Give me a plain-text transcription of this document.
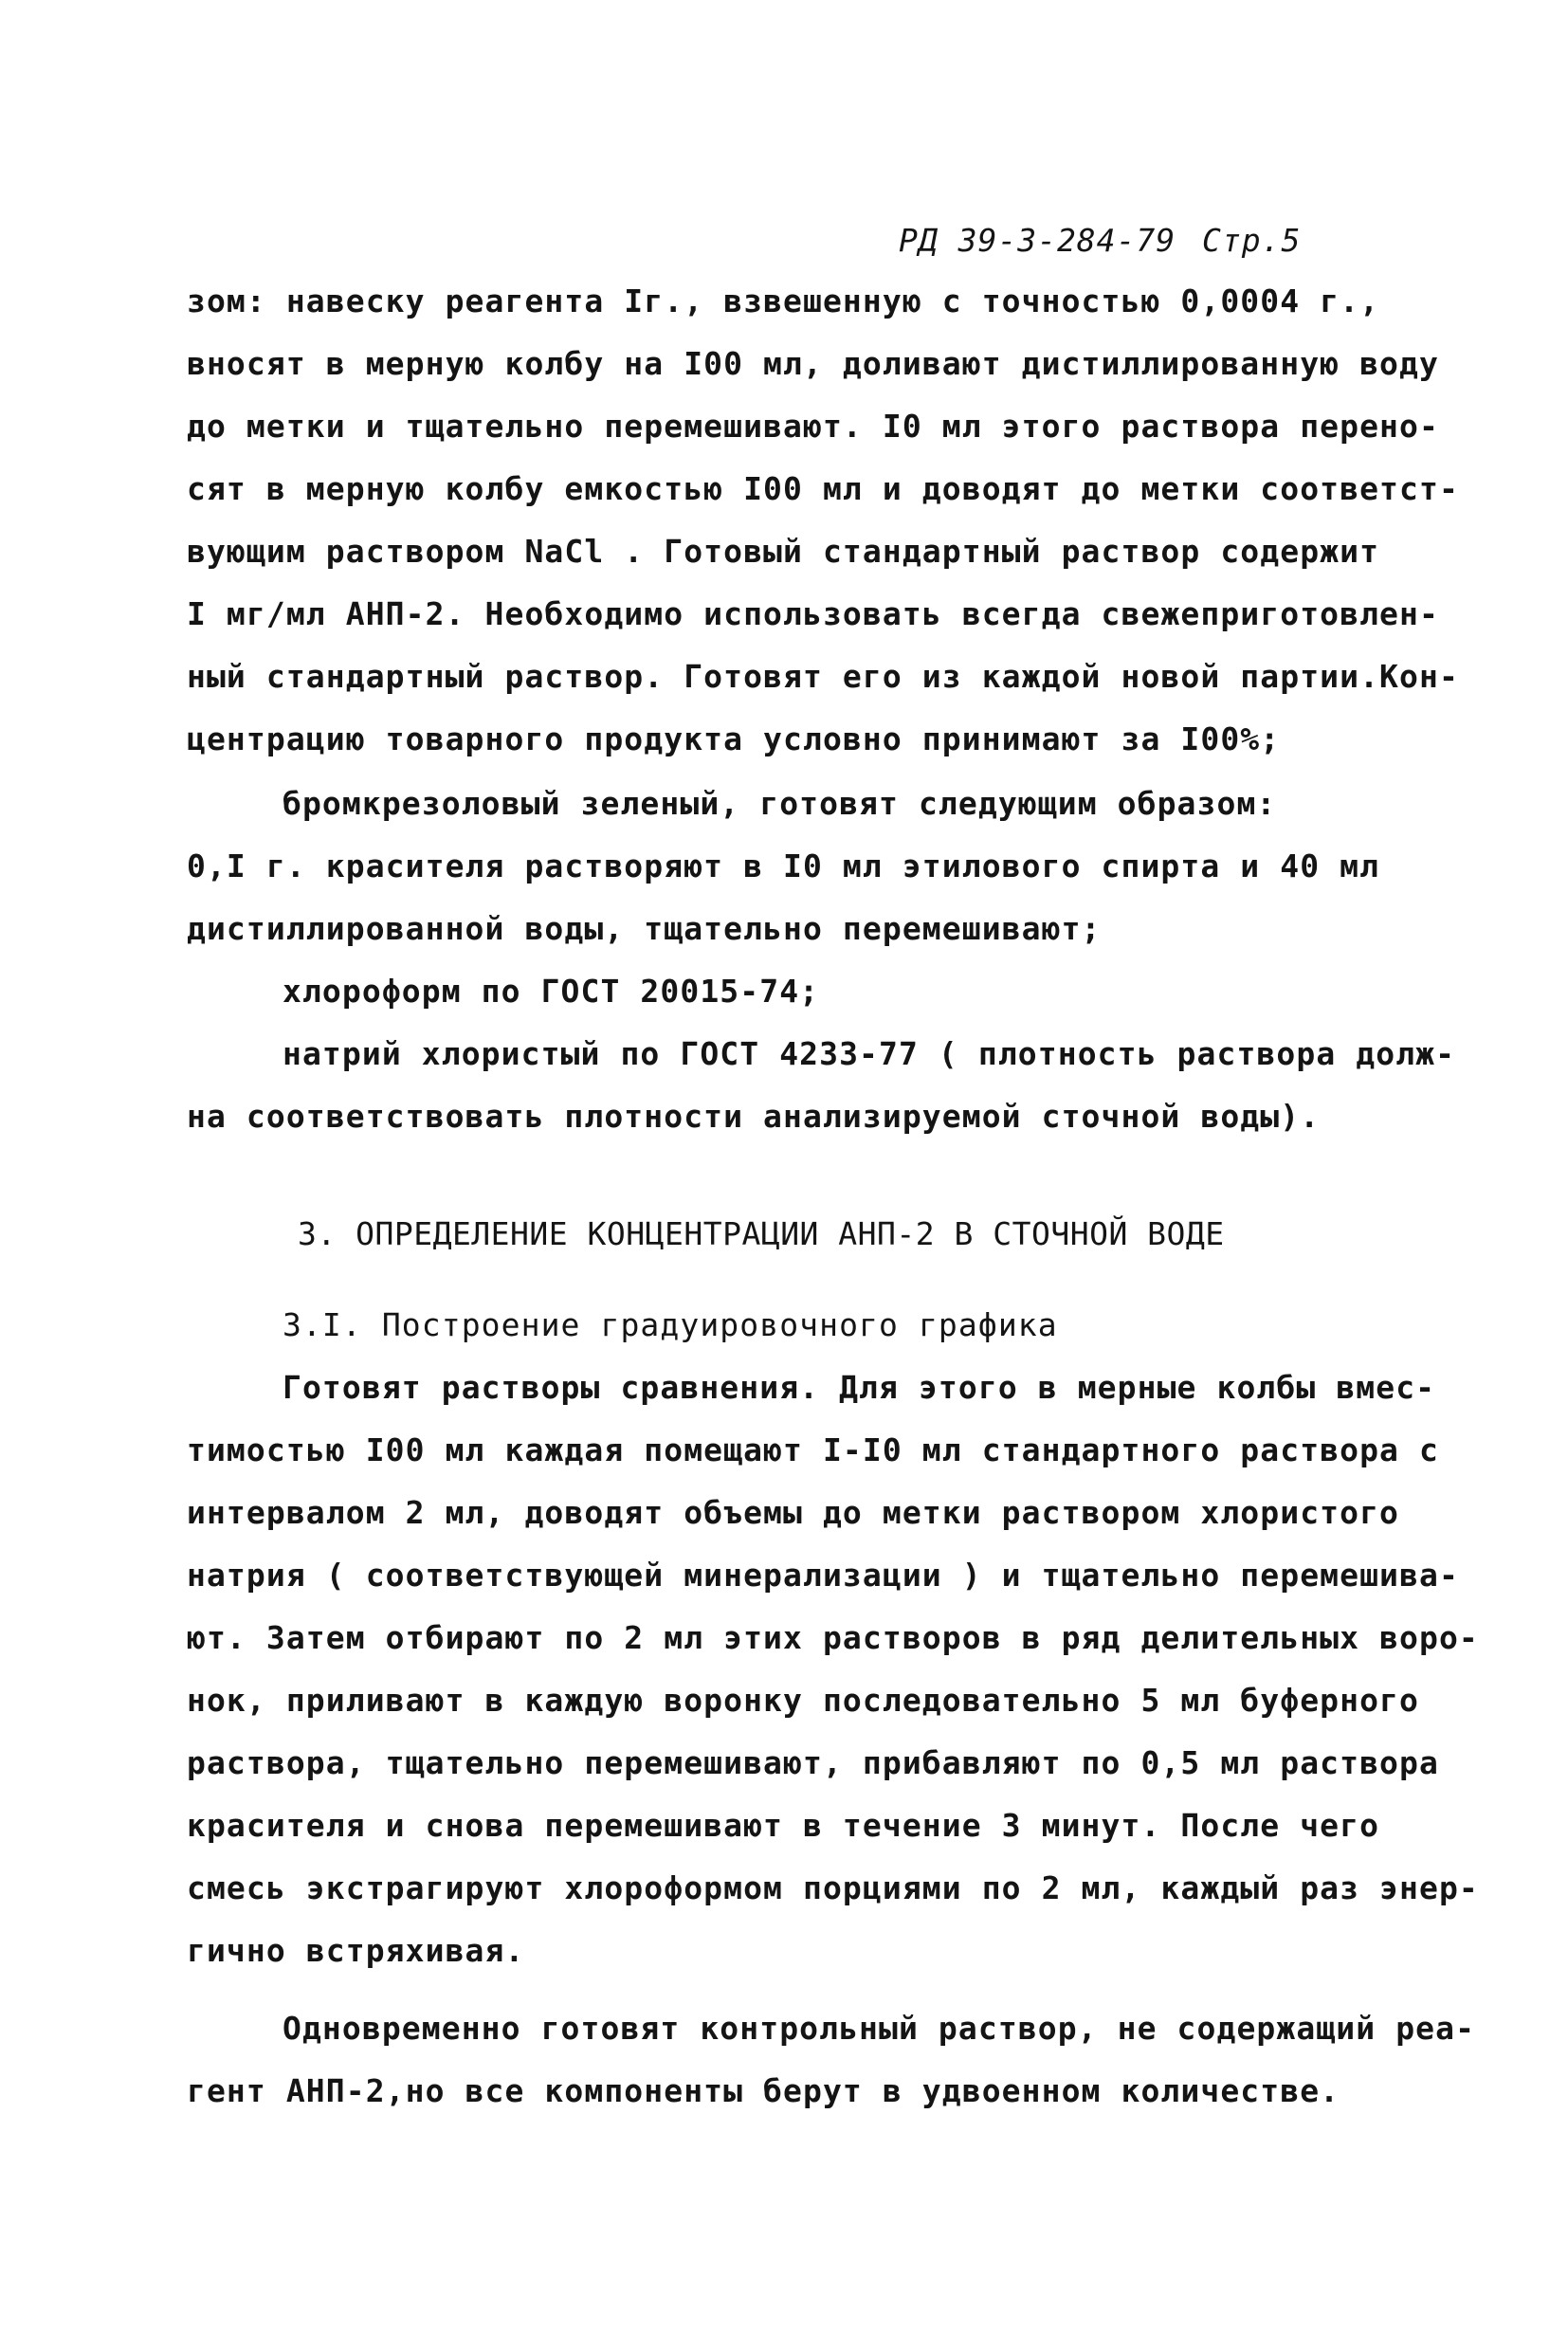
РД 39-3-284-79 Стр.5
зом: навеску реагента Iг., взвешенную с точностью 0,0004 г.,
вносят в мерную колбу на I00 мл, доливают дистиллированную воду
до метки и тщательно перемешивают. I0 мл этого раствора перено-
сят в мерную колбу емкостью I00 мл и доводят до метки соответст-
вующим раствором NaCl . Готовый стандартный раствор содержит
I мг/мл АНП-2. Необходимо использовать всегда свежеприготовлен-
ный стандартный раствор. Готовят его из каждой новой партии.Кон-
центрацию товарного продукта условно принимают за I00%;
бромкрезоловый зеленый, готовят следующим образом:
0,I г. красителя растворяют в I0 мл этилового спирта и 40 мл
дистиллированной воды, тщательно перемешивают;
хлороформ по ГОСТ 20015-74;
натрий хлористый по ГОСТ 4233-77 ( плотность раствора долж-
на соответствовать плотности анализируемой сточной воды).
3. ОПРЕДЕЛЕНИЕ КОНЦЕНТРАЦИИ АНП-2 В СТОЧНОЙ ВОДЕ
3.I. Построение градуировочного графика
Готовят растворы сравнения. Для этого в мерные колбы вмес-
тимостью I00 мл каждая помещают I-I0 мл стандартного раствора с
интервалом 2 мл, доводят объемы до метки раствором хлористого
натрия ( соответствующей минерализации ) и тщательно перемешива-
ют. Затем отбирают по 2 мл этих растворов в ряд делительных воро-
нок, приливают в каждую воронку последовательно 5 мл буферного
раствора, тщательно перемешивают, прибавляют по 0,5 мл раствора
красителя и снова перемешивают в течение 3 минут. После чего
смесь экстрагируют хлороформом порциями по 2 мл, каждый раз энер-
гично встряхивая.
Одновременно готовят контрольный раствор, не содержащий реа-
гент АНП-2,но все компоненты берут в удвоенном количестве.
